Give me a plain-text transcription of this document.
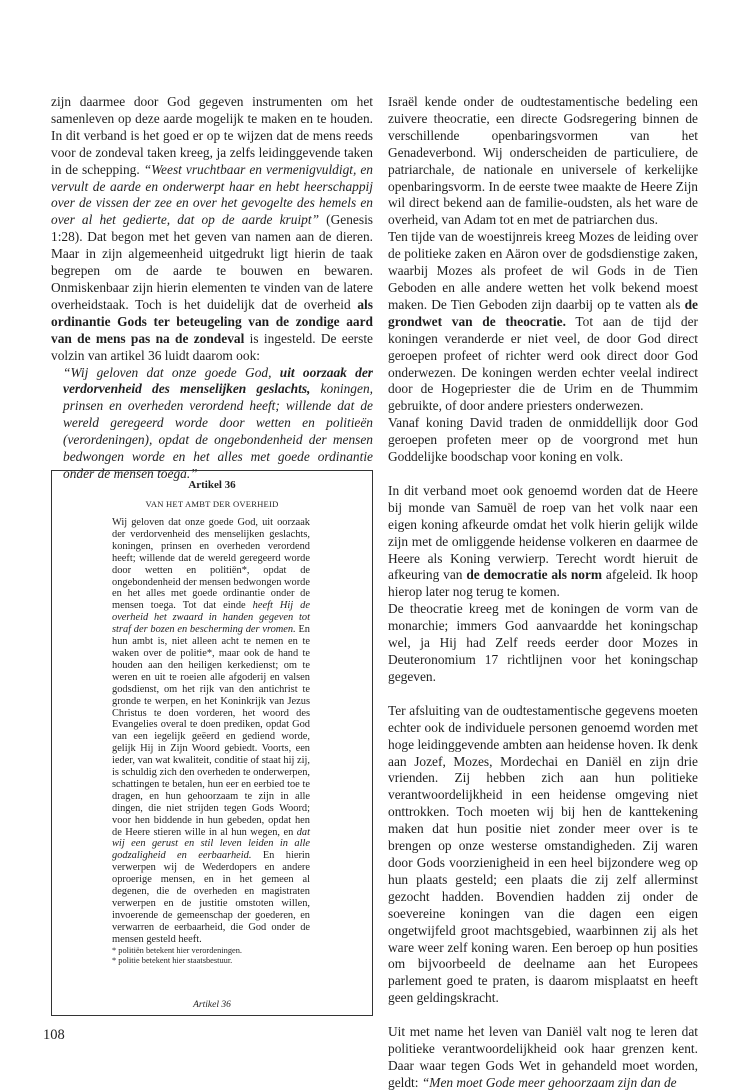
zijn daarmee door God gegeven instrumenten om het samenleven op deze aarde mogelijk te maken en te houden. In dit verband is het goed er op te wijzen dat de mens reeds voor de zondeval taken kreeg, ja zelfs leidinggevende taken in de schepping. “Weest vruchtbaar en vermenigvuldigt, en vervult de aarde en onderwerpt haar en hebt heerschappij over de vissen der zee en over het gevogelte des hemels en over al het gedierte, dat op de aarde kruipt” (Genesis 1:28). Dat begon met het geven van namen aan de dieren. Maar in zijn algemeenheid uitgedrukt ligt hierin de taak begrepen om de aarde te bouwen en bewaren. Onmiskenbaar zijn hierin elementen te vinden van de latere overheidstaak. Toch is het duidelijk dat de overheid als ordinantie Gods ter beteugeling van de zondige aard van de mens pas na de zondeval is ingesteld. De eerste volzin van artikel 36 luidt daarom ook:

“Wij geloven dat onze goede God, uit oorzaak der verdorvenheid des menselijken geslachts, koningen, prinsen en overheden verordend heeft; willende dat de wereld geregeerd worde door wetten en politieën (verordeningen), opdat de ongebondenheid der mensen bedwongen worde en het alles met goede ordinantie onder de mensen toega.”

Artikel 36
VAN HET AMBT DER OVERHEID

Wij geloven dat onze goede God, uit oorzaak der verdorvenheid des menselijken geslachts, koningen, prinsen en overheden verordend heeft; willende dat de wereld geregeerd worde door wetten en politiën*, opdat de ongebondenheid der mensen bedwongen worde en het alles met goede ordinantie onder de mensen toega. Tot dat einde heeft Hij de overheid het zwaard in handen gegeven tot straf der bozen en bescherming der vromen. En hun ambt is, niet alleen acht te nemen en te waken over de politie*, maar ook de hand te houden aan den heiligen kerkedienst; om te weren en uit te roeien alle afgoderij en valsen godsdienst, om het rijk van den antichrist te gronde te werpen, en het Koninkrijk van Jezus Christus te doen vorderen, het woord des Evangelies overal te doen prediken, opdat God van een iegelijk geëerd en gediend worde, gelijk Hij in Zijn Woord gebiedt. Voorts, een ieder, van wat kwaliteit, conditie of staat hij zij, is schuldig zich den overheden te onderwerpen, schattingen te betalen, hun eer en eerbied toe te dragen, en hun gehoorzaam te zijn in alle dingen, die niet strijden tegen Gods Woord; voor hen biddende in hun gebeden, opdat hen de Heere stieren wille in al hun wegen, en dat wij een gerust en stil leven leiden in alle godzaligheid en eerbaarheid. En hierin verwerpen wij de Wederdopers en andere oproerige mensen, en in het gemeen al degenen, die de overheden en magistraten verwerpen en de justitie omstoten willen, invoerende de gemeenschap der goederen, en verwarren de eerbaarheid, die God onder de mensen gesteld heeft.

* politiën betekent hier verordeningen.

* politie betekent hier staatsbestuur.

Artikel 36

Israël kende onder de oudtestamentische bedeling een zuivere theocratie, een directe Godsregering binnen de verschillende openbaringsvormen van het Genadeverbond. Wij onderscheiden de particuliere, de patriarchale, de nationale en universele of kerkelijke openbaringsvorm. In de eerste twee maakte de Heere Zijn wil direct bekend aan de familie-oudsten, als het ware de overheid, van Adam tot en met de patriarchen dus.

Ten tijde van de woestijnreis kreeg Mozes de leiding over de politieke zaken en Aäron over de godsdienstige zaken, waarbij Mozes als profeet de wil Gods in de Tien Geboden en alle andere wetten het volk bekend moest maken. De Tien Geboden zijn daarbij op te vatten als de grondwet van de theocratie. Tot aan de tijd der koningen veranderde er niet veel, de door God direct geroepen profeet of richter werd ook direct door God onderwezen. De koningen werden echter veelal indirect door de Hogepriester die de Urim en de Thummim gebruikte, of door andere priesters onderwezen.

Vanaf koning David traden de onmiddellijk door God geroepen profeten meer op de voorgrond met hun Goddelijke boodschap voor koning en volk.

In dit verband moet ook genoemd worden dat de Heere bij monde van Samuël de roep van het volk naar een eigen koning afkeurde omdat het volk hierin gelijk wilde zijn met de omliggende heidense volkeren en daarmee de Heere als Koning verwierp. Terecht wordt hieruit de afkeuring van de democratie als norm afgeleid. Ik hoop hierop later nog terug te komen.

De theocratie kreeg met de koningen de vorm van de monarchie; immers God aanvaardde het koningschap wel, ja Hij had Zelf reeds eerder door Mozes in Deuteronomium 17 richtlijnen voor het koningschap gegeven.

Ter afsluiting van de oudtestamentische gegevens moeten echter ook de individuele personen genoemd worden met hoge leidinggevende ambten aan heidense hoven. Ik denk aan Jozef, Mozes, Mordechai en Daniël en zijn drie vrienden. Zij hebben zich aan hun politieke verantwoordelijkheid in een heidense omgeving niet onttrokken. Toch moeten wij bij hen de kanttekening maken dat hun positie niet zonder meer over is te brengen op onze westerse omstandigheden. Zij waren door Gods voorzienigheid in een heel bijzondere weg op hun plaats gesteld; een plaats die zij zelf allerminst gezocht hadden. Bovendien hadden zij onder de soevereine koningen van die dagen een eigen ongetwijfeld groot machtsgebied, waarbinnen zij als het ware weer zelf koning waren. Een beroep op hun posities om bijvoorbeeld de deelname aan het Europees parlement goed te praten, is daarom misplaatst en heeft geen geldingskracht.

Uit met name het leven van Daniël valt nog te leren dat politieke verantwoordelijkheid ook haar grenzen kent. Daar waar tegen Gods Wet in gehandeld moet worden, geldt: “Men moet Gode meer gehoorzaam zijn dan de

108
